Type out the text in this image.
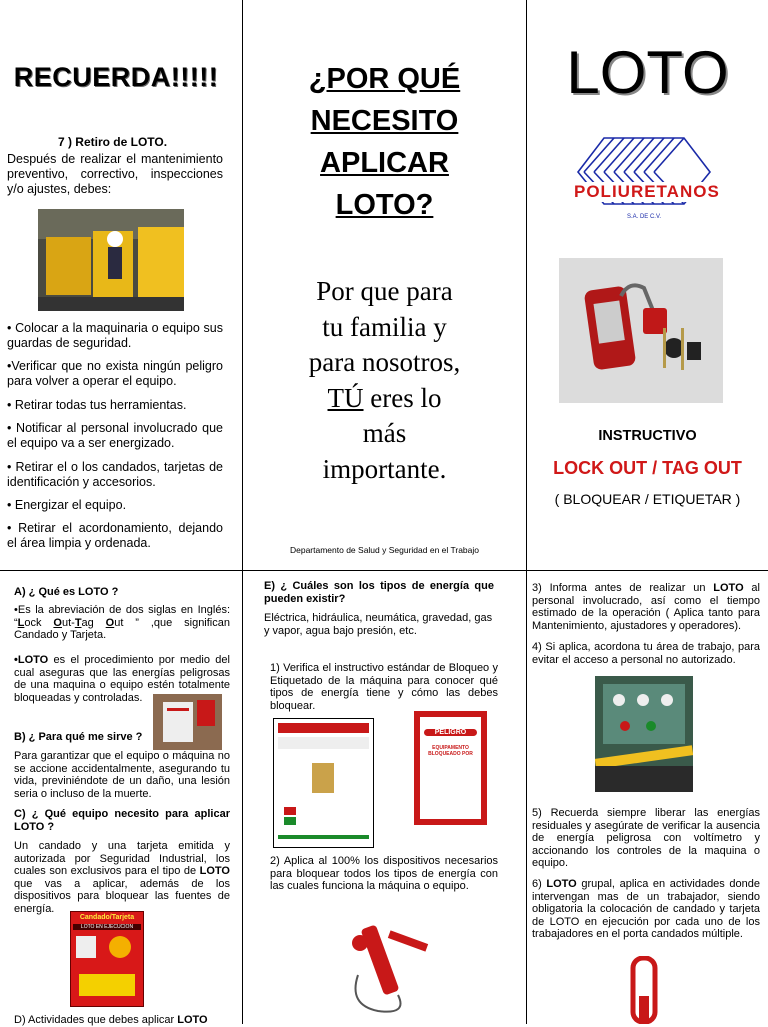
RECUERDA!!!!!
7 ) Retiro de LOTO.
Después de realizar el mantenimiento preventivo, correctivo, inspecciones y/o ajustes, debes:
• Colocar a la maquinaria o equipo sus guardas de seguridad.
•Verificar que no exista ningún peligro para volver a operar el equipo.
• Retirar todas tus herramientas.
• Notificar al personal involucrado que el equipo va a ser energizado.
• Retirar el o los candados, tarjetas de identificación y accesorios.
• Energizar el equipo.
• Retirar el acordonamiento, dejando el área limpia y ordenada.
¿POR QUÉ
NECESITO
APLICAR
LOTO?
Por que para
tu familia y
para nosotros,
TÚ eres lo
más
importante.
Departamento de Salud y Seguridad en el Trabajo
LOTO
POLIURETANOS
S.A. DE C.V.
INSTRUCTIVO
LOCK OUT / TAG OUT
( BLOQUEAR / ETIQUETAR )
A) ¿ Qué es LOTO ?
•Es la abreviación de dos siglas en Inglés: “Lock Out-Tag Out ” ,que significan Candado y Tarjeta.
•LOTO es el procedimiento por medio del cual aseguras que las energías peligrosas de una maquina o equipo estén totalmente bloqueadas y controladas.
B) ¿ Para qué me sirve ?
Para garantizar que el equipo o máquina no se accione accidentalmente, asegurando tu vida, previniéndote de un daño, una lesión seria o incluso de la muerte.
C) ¿ Qué equipo necesito para aplicar LOTO ?
Un candado y una tarjeta emitida y autorizada por Seguridad Industrial, los cuales son exclusivos para el tipo de LOTO que vas a aplicar, además de los dispositivos para bloquear las fuentes de energía.
Candado/Tarjeta
LOTO EN EJECUCION
D) Actividades que debes aplicar LOTO
E) ¿ Cuáles son los tipos de energía que pueden existir?
Eléctrica, hidráulica, neumática, gravedad, gas y vapor, agua bajo presión, etc.
1) Verifica el instructivo estándar de Bloqueo y Etiquetado de la máquina para conocer qué tipos de energía tiene y cómo las debes bloquear.
PELIGRO
EQUIPAMENTO BLOQUEADO POR
2) Aplica al 100% los dispositivos necesarios para bloquear todos los tipos de energía con las cuales funciona la máquina o equipo.
3) Informa antes de realizar un LOTO al personal involucrado, así como el tiempo estimado de la operación ( Aplica tanto para Mantenimiento, ajustadores y operadores).
4) Si aplica, acordona tu área de trabajo, para evitar el acceso a personal no autorizado.
5) Recuerda siempre liberar las energías residuales y asegúrate de verificar la ausencia de energía peligrosa con voltímetro y accionando los controles de la maquina o equipo.
6) LOTO grupal, aplica en actividades donde intervengan mas de un trabajador, siendo obligatoria la colocación de candado y tarjeta de LOTO en ejecución por cada uno de los trabajadores en el porta candados múltiple.
